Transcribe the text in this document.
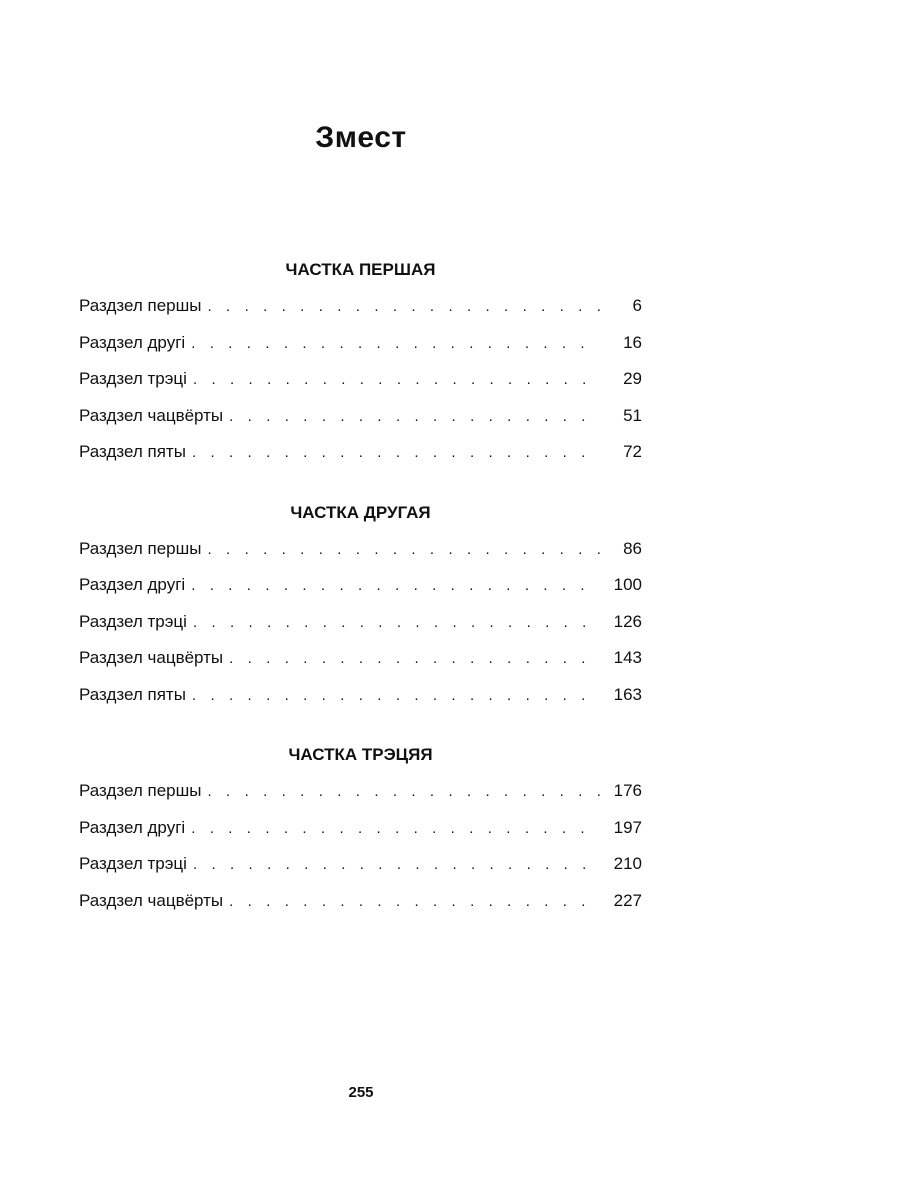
Змест
ЧАСТКА ПЕРШАЯ
Раздзел першы . . .	6
Раздзел другі . . .	16
Раздзел трэці . . .	29
Раздзел чацвёрты . . .	51
Раздзел пяты . . .	72
ЧАСТКА ДРУГАЯ
Раздзел першы . . .	86
Раздзел другі . . .	100
Раздзел трэці . . .	126
Раздзел чацвёрты . . .	143
Раздзел пяты . . .	163
ЧАСТКА ТРЭЦЯЯ
Раздзел першы . . .	176
Раздзел другі . . .	197
Раздзел трэці . . .	210
Раздзел чацвёрты . . .	227
255
